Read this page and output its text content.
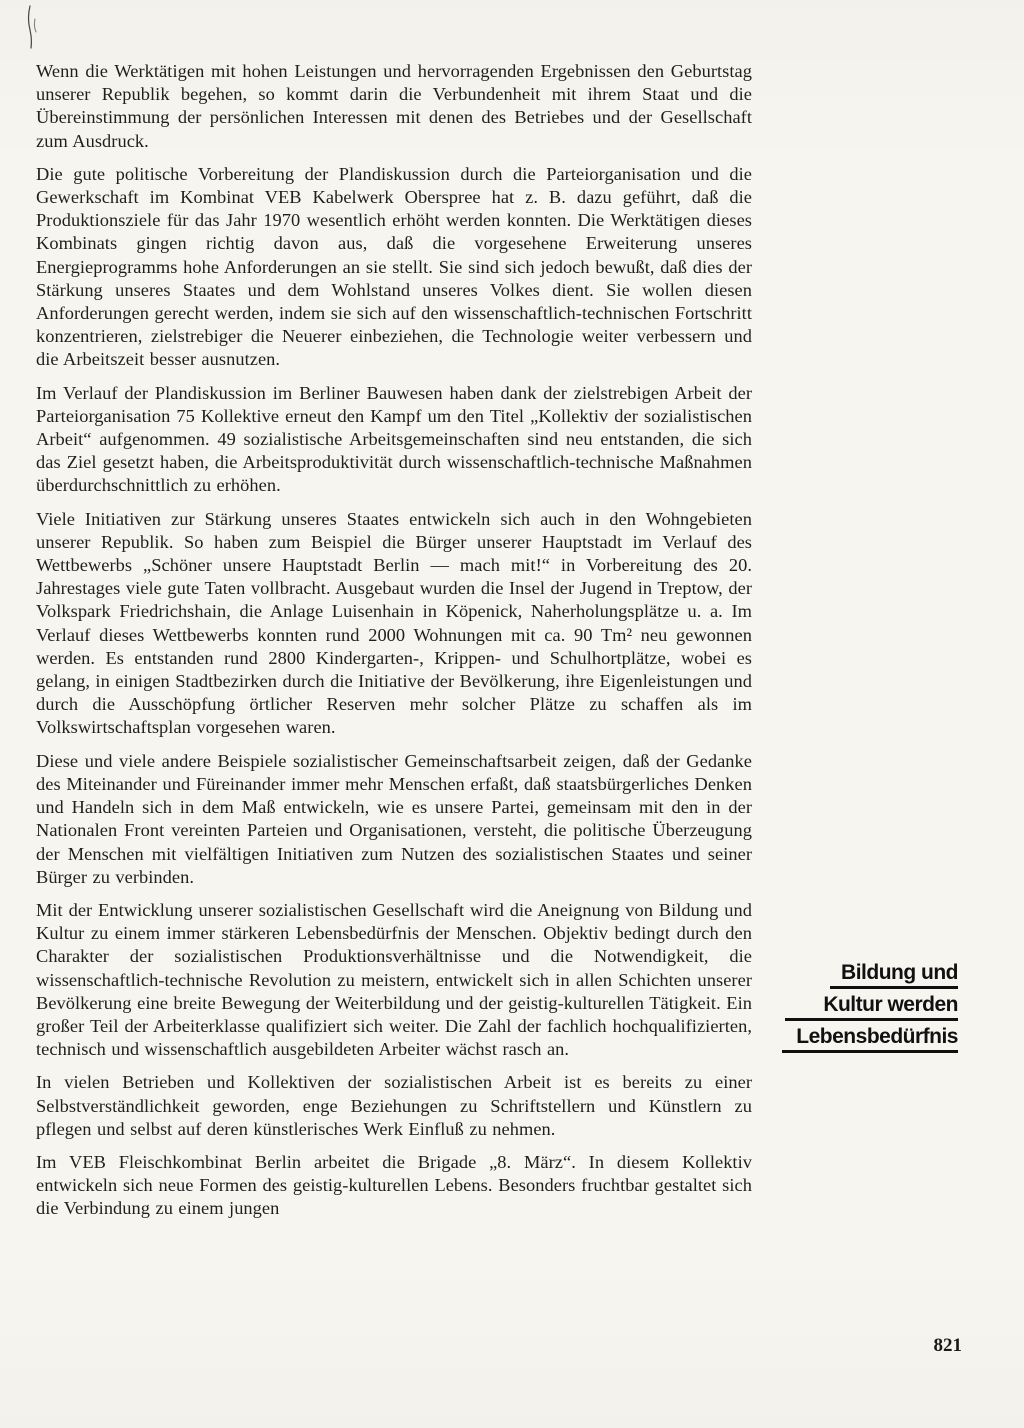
Wenn die Werktätigen mit hohen Leistungen und hervorragenden Ergebnissen den Geburtstag unserer Republik begehen, so kommt darin die Verbundenheit mit ihrem Staat und die Übereinstimmung der persönlichen Interessen mit denen des Betriebes und der Gesellschaft zum Ausdruck.

Die gute politische Vorbereitung der Plandiskussion durch die Parteiorganisation und die Gewerkschaft im Kombinat VEB Kabelwerk Oberspree hat z. B. dazu geführt, daß die Produktionsziele für das Jahr 1970 wesentlich erhöht werden konnten. Die Werktätigen dieses Kombinats gingen richtig davon aus, daß die vorgesehene Erweiterung unseres Energieprogramms hohe Anforderungen an sie stellt. Sie sind sich jedoch bewußt, daß dies der Stärkung unseres Staates und dem Wohlstand unseres Volkes dient. Sie wollen diesen Anforderungen gerecht werden, indem sie sich auf den wissenschaftlich-technischen Fortschritt konzentrieren, zielstrebiger die Neuerer einbeziehen, die Technologie weiter verbessern und die Arbeitszeit besser ausnutzen.

Im Verlauf der Plandiskussion im Berliner Bauwesen haben dank der zielstrebigen Arbeit der Parteiorganisation 75 Kollektive erneut den Kampf um den Titel „Kollektiv der sozialistischen Arbeit“ aufgenommen. 49 sozialistische Arbeitsgemeinschaften sind neu entstanden, die sich das Ziel gesetzt haben, die Arbeitsproduktivität durch wissenschaftlich-technische Maßnahmen überdurchschnittlich zu erhöhen.

Viele Initiativen zur Stärkung unseres Staates entwickeln sich auch in den Wohngebieten unserer Republik. So haben zum Beispiel die Bürger unserer Hauptstadt im Verlauf des Wettbewerbs „Schöner unsere Hauptstadt Berlin — mach mit!“ in Vorbereitung des 20. Jahrestages viele gute Taten vollbracht. Ausgebaut wurden die Insel der Jugend in Treptow, der Volkspark Friedrichshain, die Anlage Luisenhain in Köpenick, Naherholungsplätze u. a. Im Verlauf dieses Wettbewerbs konnten rund 2000 Wohnungen mit ca. 90 Tm² neu gewonnen werden. Es entstanden rund 2800 Kindergarten-, Krippen- und Schulhortplätze, wobei es gelang, in einigen Stadtbezirken durch die Initiative der Bevölkerung, ihre Eigenleistungen und durch die Ausschöpfung örtlicher Reserven mehr solcher Plätze zu schaffen als im Volkswirtschaftsplan vorgesehen waren.

Diese und viele andere Beispiele sozialistischer Gemeinschaftsarbeit zeigen, daß der Gedanke des Miteinander und Füreinander immer mehr Menschen erfaßt, daß staatsbürgerliches Denken und Handeln sich in dem Maß entwickeln, wie es unsere Partei, gemeinsam mit den in der Nationalen Front vereinten Parteien und Organisationen, versteht, die politische Überzeugung der Menschen mit vielfältigen Initiativen zum Nutzen des sozialistischen Staates und seiner Bürger zu verbinden.

Mit der Entwicklung unserer sozialistischen Gesellschaft wird die Aneignung von Bildung und Kultur zu einem immer stärkeren Lebensbedürfnis der Menschen. Objektiv bedingt durch den Charakter der sozialistischen Produktionsverhältnisse und die Notwendigkeit, die wissenschaftlich-technische Revolution zu meistern, entwickelt sich in allen Schichten unserer Bevölkerung eine breite Bewegung der Weiterbildung und der geistig-kulturellen Tätigkeit. Ein großer Teil der Arbeiterklasse qualifiziert sich weiter. Die Zahl der fachlich hochqualifizierten, technisch und wissenschaftlich ausgebildeten Arbeiter wächst rasch an.

In vielen Betrieben und Kollektiven der sozialistischen Arbeit ist es bereits zu einer Selbstverständlichkeit geworden, enge Beziehungen zu Schriftstellern und Künstlern zu pflegen und selbst auf deren künstlerisches Werk Einfluß zu nehmen.

Im VEB Fleischkombinat Berlin arbeitet die Brigade „8. März“. In diesem Kollektiv entwickeln sich neue Formen des geistig-kulturellen Lebens. Besonders fruchtbar gestaltet sich die Verbindung zu einem jungen

Bildung und
Kultur werden
Lebensbedürfnis
821
